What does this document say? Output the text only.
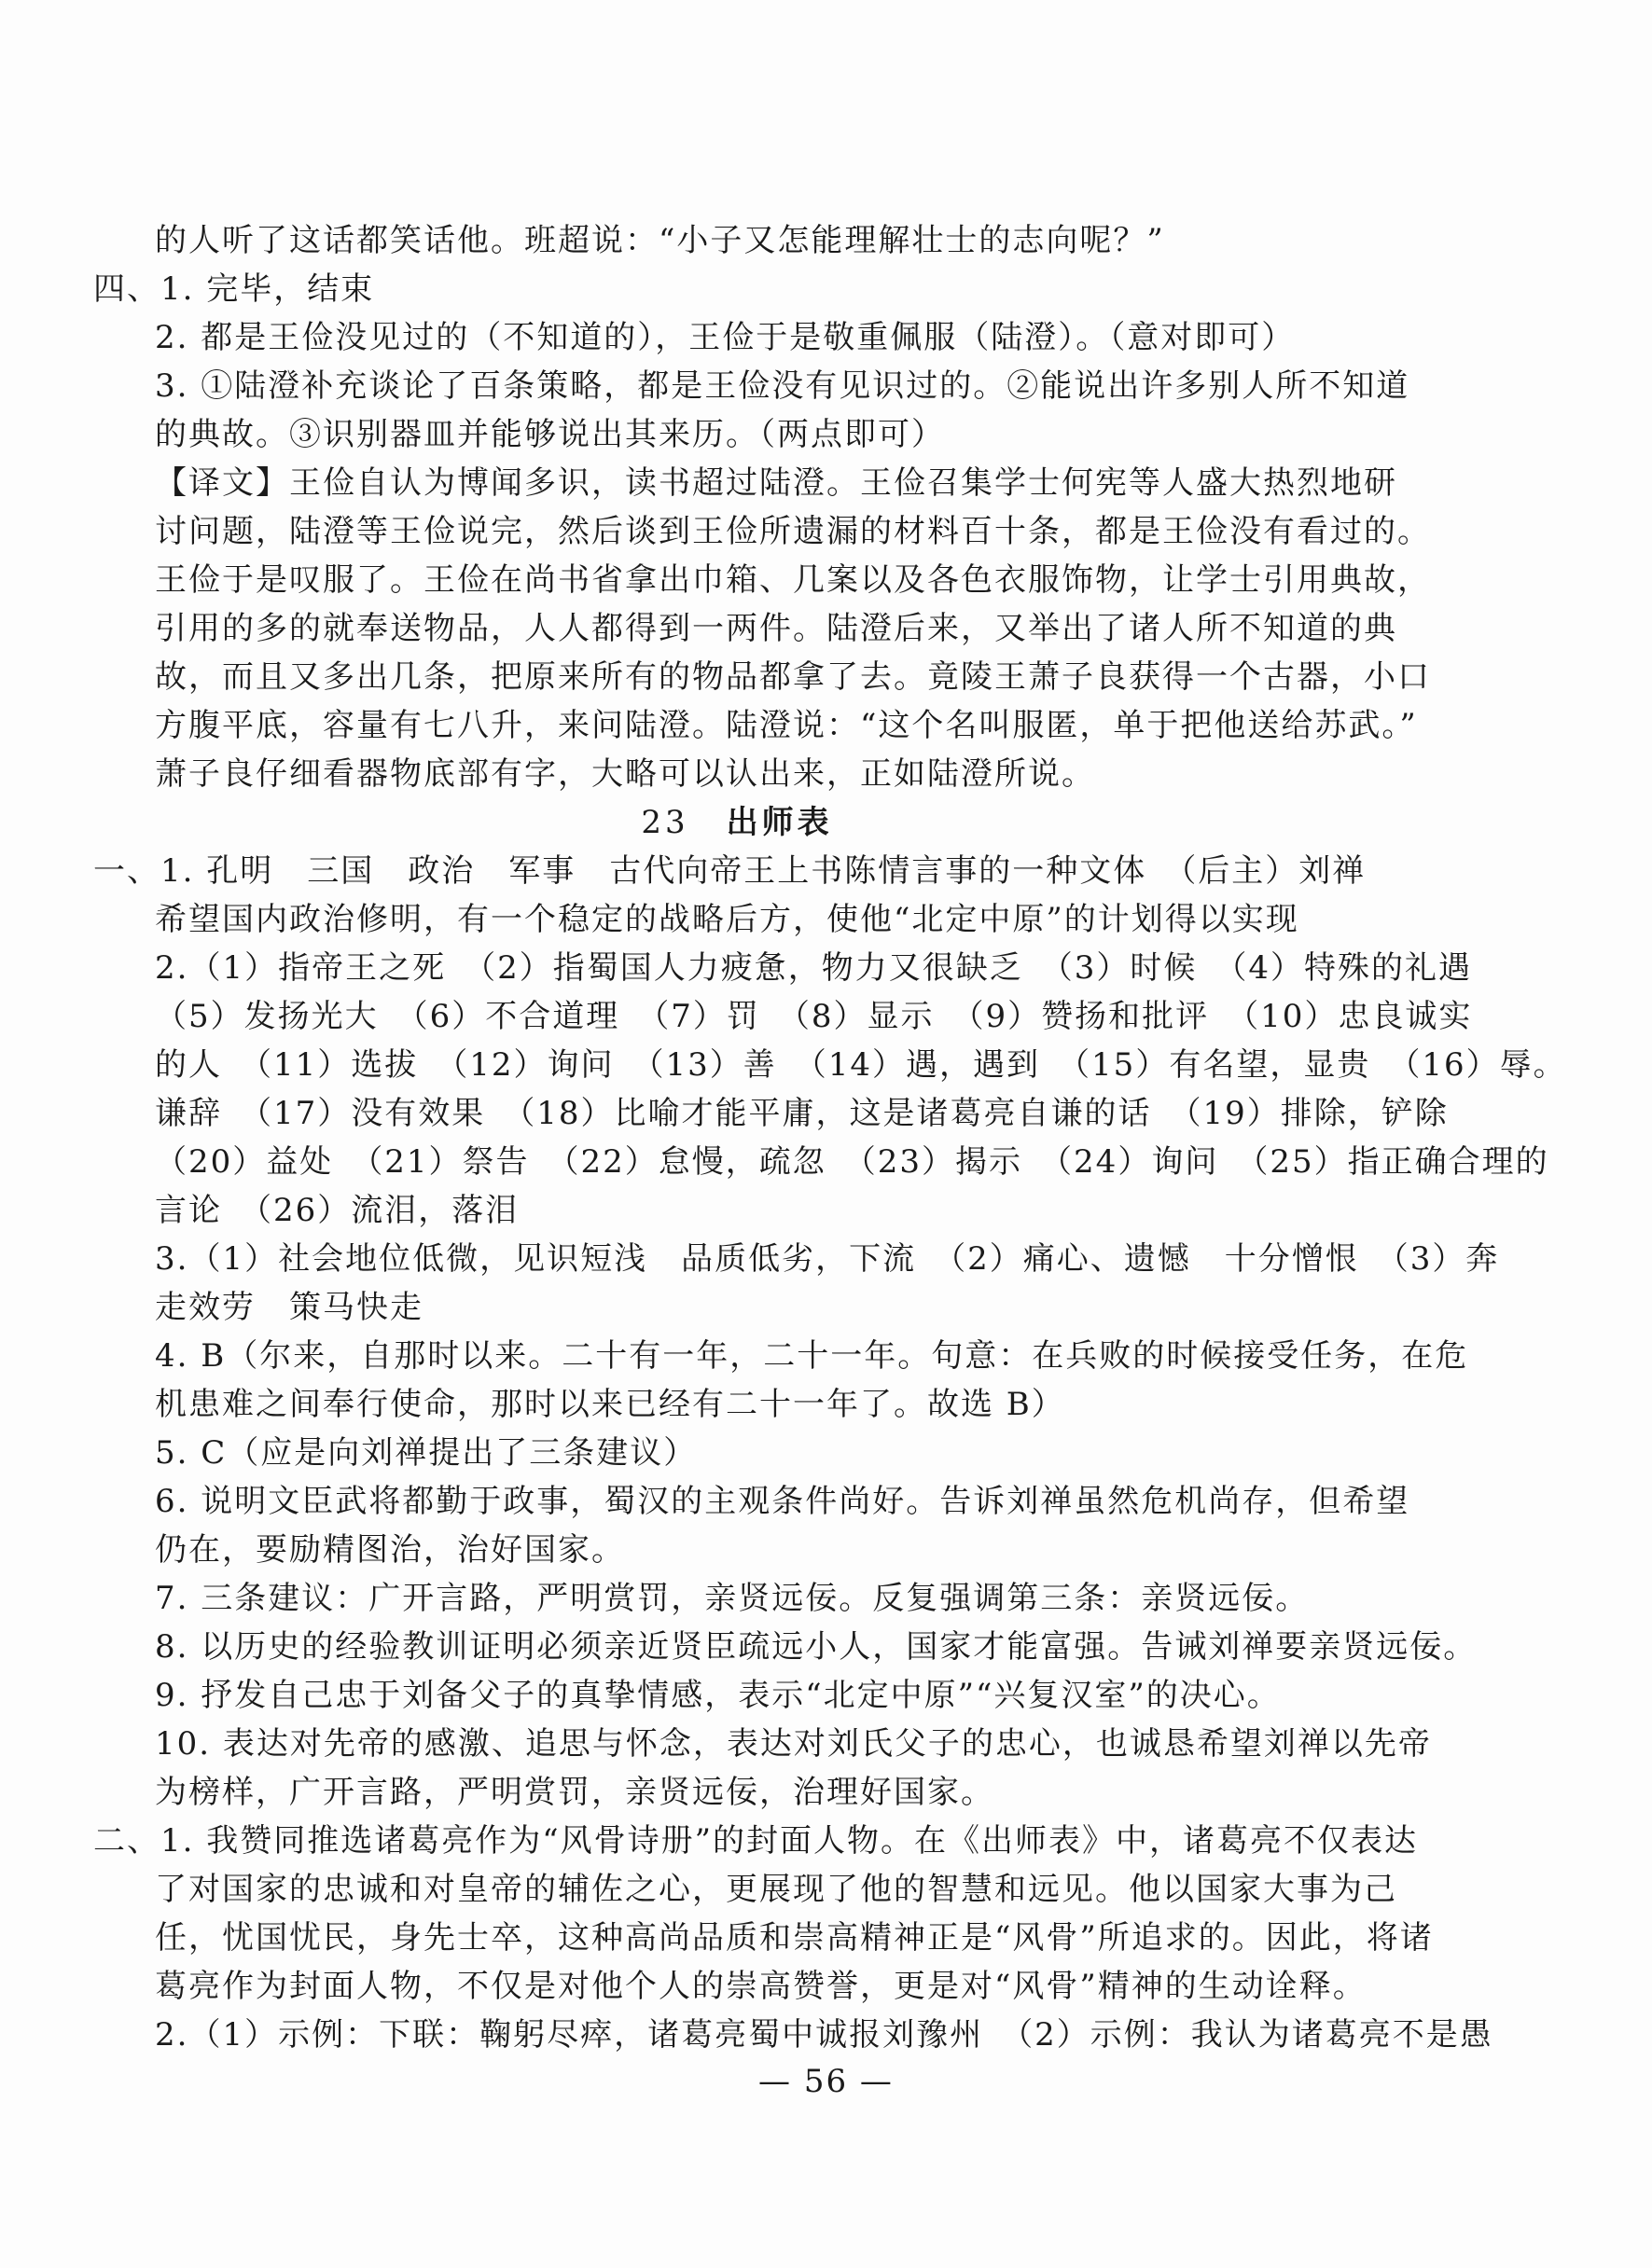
的人听了这话都笑话他。班超说：“小子又怎能理解壮士的志向呢？”
四、1. 完毕，结束
2. 都是王俭没见过的（不知道的），王俭于是敬重佩服（陆澄）。（意对即可）
3. ①陆澄补充谈论了百条策略，都是王俭没有见识过的。②能说出许多别人所不知道
的典故。③识别器皿并能够说出其来历。（两点即可）
【译文】王俭自认为博闻多识，读书超过陆澄。王俭召集学士何宪等人盛大热烈地研
讨问题，陆澄等王俭说完，然后谈到王俭所遗漏的材料百十条，都是王俭没有看过的。
王俭于是叹服了。王俭在尚书省拿出巾箱、几案以及各色衣服饰物，让学士引用典故，
引用的多的就奉送物品，人人都得到一两件。陆澄后来，又举出了诸人所不知道的典
故，而且又多出几条，把原来所有的物品都拿了去。竟陵王萧子良获得一个古器，小口
方腹平底，容量有七八升，来问陆澄。陆澄说：“这个名叫服匿，单于把他送给苏武。”
萧子良仔细看器物底部有字，大略可以认出来，正如陆澄所说。
23 出师表
一、1. 孔明　三国　政治　军事　古代向帝王上书陈情言事的一种文体　（后主）刘禅
希望国内政治修明，有一个稳定的战略后方，使他“北定中原”的计划得以实现
2.（1）指帝王之死　（2）指蜀国人力疲惫，物力又很缺乏　（3）时候　（4）特殊的礼遇
（5）发扬光大　（6）不合道理　（7）罚　（8）显示　（9）赞扬和批评　（10）忠良诚实
的人　（11）选拔　（12）询问　（13）善　（14）遇，遇到　（15）有名望，显贵　（16）辱。
谦辞　（17）没有效果　（18）比喻才能平庸，这是诸葛亮自谦的话　（19）排除，铲除
（20）益处　（21）祭告　（22）怠慢，疏忽　（23）揭示　（24）询问　（25）指正确合理的
言论　（26）流泪，落泪
3.（1）社会地位低微，见识短浅　品质低劣，下流　（2）痛心、遗憾　十分憎恨　（3）奔
走效劳　策马快走
4. B（尔来，自那时以来。二十有一年，二十一年。句意：在兵败的时候接受任务，在危
机患难之间奉行使命，那时以来已经有二十一年了。故选 B）
5. C（应是向刘禅提出了三条建议）
6. 说明文臣武将都勤于政事，蜀汉的主观条件尚好。告诉刘禅虽然危机尚存，但希望
仍在，要励精图治，治好国家。
7. 三条建议：广开言路，严明赏罚，亲贤远佞。反复强调第三条：亲贤远佞。
8. 以历史的经验教训证明必须亲近贤臣疏远小人，国家才能富强。告诫刘禅要亲贤远佞。
9. 抒发自己忠于刘备父子的真挚情感，表示“北定中原”“兴复汉室”的决心。
10. 表达对先帝的感激、追思与怀念，表达对刘氏父子的忠心，也诚恳希望刘禅以先帝
为榜样，广开言路，严明赏罚，亲贤远佞，治理好国家。
二、1. 我赞同推选诸葛亮作为“风骨诗册”的封面人物。在《出师表》中，诸葛亮不仅表达
了对国家的忠诚和对皇帝的辅佐之心，更展现了他的智慧和远见。他以国家大事为己
任，忧国忧民，身先士卒，这种高尚品质和崇高精神正是“风骨”所追求的。因此，将诸
葛亮作为封面人物，不仅是对他个人的崇高赞誉，更是对“风骨”精神的生动诠释。
2.（1）示例：下联：鞠躬尽瘁，诸葛亮蜀中诚报刘豫州　（2）示例：我认为诸葛亮不是愚
— 56 —
